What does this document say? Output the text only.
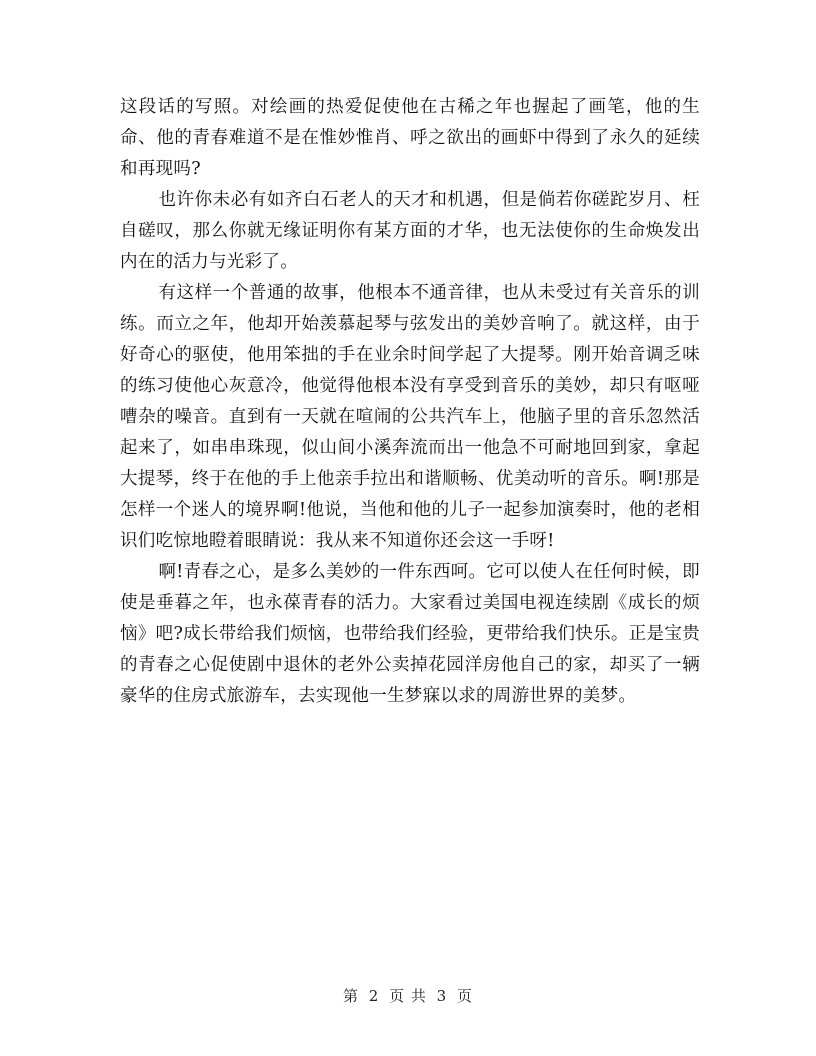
这段话的写照。对绘画的热爱促使他在古稀之年也握起了画笔，他的生命、他的青春难道不是在惟妙惟肖、呼之欲出的画虾中得到了永久的延续和再现吗?

也许你未必有如齐白石老人的天才和机遇，但是倘若你磋跎岁月、枉自磋叹，那么你就无缘证明你有某方面的才华，也无法使你的生命焕发出内在的活力与光彩了。

有这样一个普通的故事，他根本不通音律，也从未受过有关音乐的训练。而立之年，他却开始羡慕起琴与弦发出的美妙音响了。就这样，由于好奇心的驱使，他用笨拙的手在业余时间学起了大提琴。刚开始音调乏味的练习使他心灰意冷，他觉得他根本没有享受到音乐的美妙，却只有呕哑嘈杂的噪音。直到有一天就在喧闹的公共汽车上，他脑子里的音乐忽然活起来了，如串串珠现，似山间小溪奔流而出一他急不可耐地回到家，拿起大提琴，终于在他的手上他亲手拉出和谐顺畅、优美动听的音乐。啊!那是怎样一个迷人的境界啊!他说，当他和他的儿子一起参加演奏时，他的老相识们吃惊地瞪着眼睛说：我从来不知道你还会这一手呀!

啊!青春之心，是多么美妙的一件东西呵。它可以使人在任何时候，即使是垂暮之年，也永葆青春的活力。大家看过美国电视连续剧《成长的烦恼》吧?成长带给我们烦恼，也带给我们经验，更带给我们快乐。正是宝贵的青春之心促使剧中退休的老外公卖掉花园洋房他自己的家，却买了一辆豪华的住房式旅游车，去实现他一生梦寐以求的周游世界的美梦。

第 2 页 共 3 页
